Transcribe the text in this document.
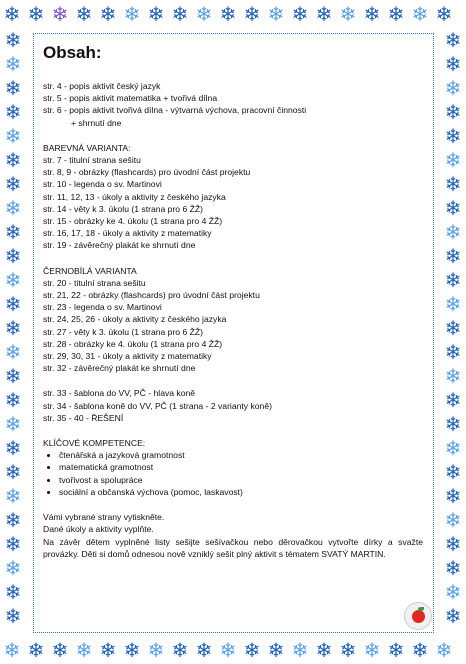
❄
❄
❄
❄
❄
❄
❄
❄
❄
❄
❄
❄
❄
❄
❄
❄
❄
❄
❄
❄
❄
❄
❄
❄
❄
❄
❄
❄
❄
❄
❄
❄
❄
❄
❄
❄
❄
❄
❄	❄
❄	❄
❄	❄
❄	❄
❄	❄
❄	❄
❄	❄
❄	❄
❄	❄
❄	❄
❄	❄
❄	❄
❄	❄
❄	❄
❄	❄
❄	❄
❄	❄
❄	❄
❄	❄
❄	❄
❄	❄
❄	❄
❄	❄
❄	❄
❄	❄
Obsah:
str. 4 - popis aktivit český jazyk
str. 5 - popis aktivit matematika + tvořivá dílna
str. 6 - popis aktivit tvořivá dílna - výtvarná výchova, pracovní činnosti
+ shrnutí dne
BAREVNÁ VARIANTA:
str. 7 - titulní strana sešitu
str. 8, 9 - obrázky (flashcards) pro úvodní část projektu
str. 10 - legenda o sv. Martinovi
str. 11, 12, 13 - úkoly a aktivity z českého jazyka
str. 14 - věty k 3. úkolu (1 strana pro 6 ŽŽ)
str. 15 - obrázky ke 4. úkolu (1 strana pro 4 ŽŽ)
str. 16, 17, 18 - úkoly a aktivity z matematiky
str. 19 - závěrečný plakát ke shrnutí dne
ČERNOBÍLÁ VARIANTA
str. 20 - titulní strana sešitu
str. 21, 22 - obrázky (flashcards) pro úvodní část projektu
str. 23 - legenda o sv. Martinovi
str. 24, 25, 26 - úkoly a aktivity z českého jazyka
str. 27 - věty k 3. úkolu (1 strana pro 6 ŽŽ)
str. 28 - obrázky ke 4. úkolu (1 strana pro 4 ŽŽ)
str. 29, 30, 31 - úkoly a aktivity z matematiky
str. 32 - závěrečný plakát ke shrnutí dne
str. 33 - šablona do VV, PČ - hlava koně
str. 34 - šablona koně do VV, PČ (1 strana - 2 varianty koně)
str. 35 - 40 - ŘEŠENÍ
KLÍČOVÉ KOMPETENCE:
• čtenářská a jazyková gramotnost
• matematická gramotnost
• tvořivost a spolupráce
• sociální a občanská výchova (pomoc, laskavost)
Vámi vybrané strany vytiskněte.
Dané úkoly a aktivity vyplňte.
Na závěr dětem vyplněné listy sešijte sešívačkou nebo děrovačkou vytvořte dírky a svažte provázky. Děti si domů odnesou nově vzniklý sešit plný aktivit s tématem SVATÝ MARTIN.
